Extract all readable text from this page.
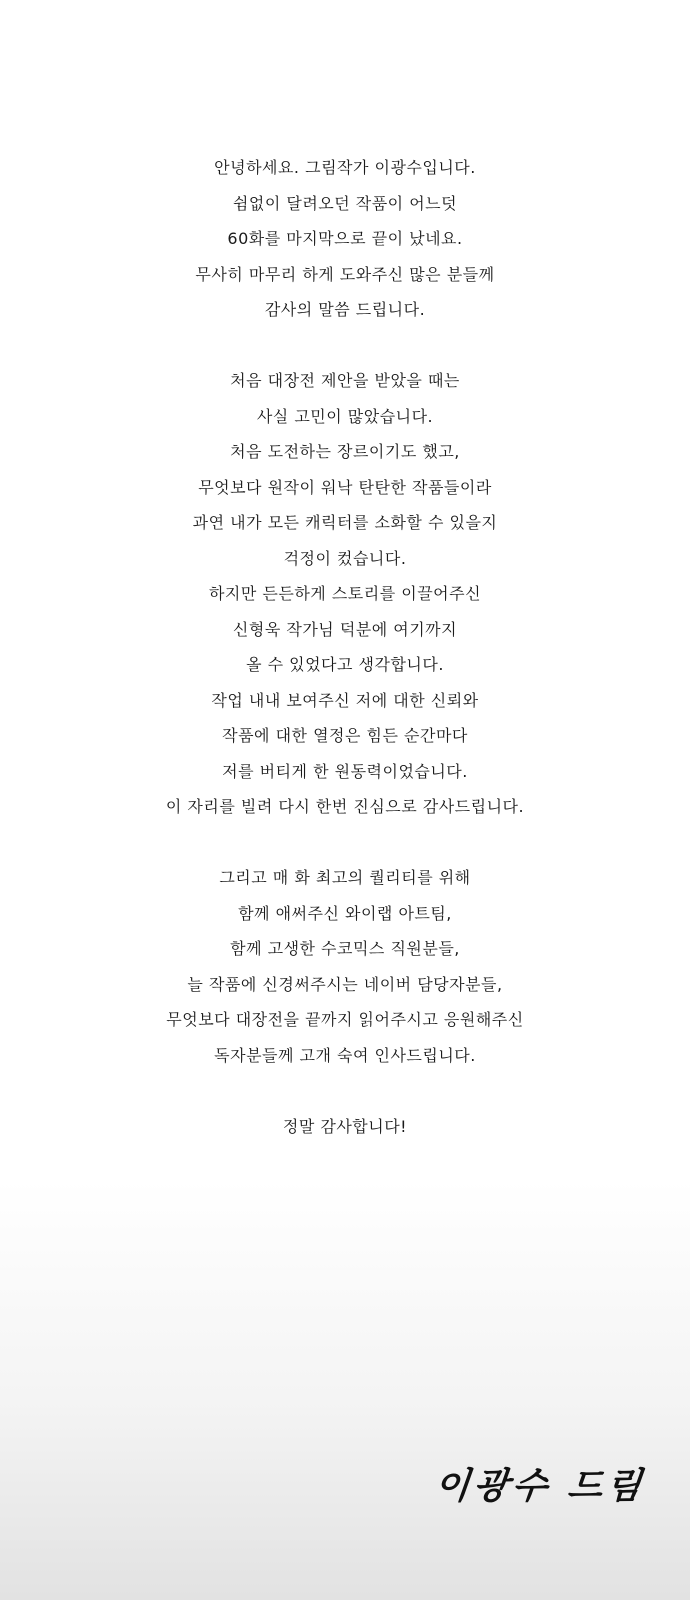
안녕하세요. 그림작가 이광수입니다.
쉼없이 달려오던 작품이 어느덧
60화를 마지막으로 끝이 났네요.
무사히 마무리 하게 도와주신 많은 분들께
감사의 말씀 드립니다.
처음 대장전 제안을 받았을 때는
사실 고민이 많았습니다.
처음 도전하는 장르이기도 했고,
무엇보다 원작이 워낙 탄탄한 작품들이라
과연 내가 모든 캐릭터를 소화할 수 있을지
걱정이 컸습니다.
하지만 든든하게 스토리를 이끌어주신
신형욱 작가님 덕분에 여기까지
올 수 있었다고 생각합니다.
작업 내내 보여주신 저에 대한 신뢰와
작품에 대한 열정은 힘든 순간마다
저를 버티게 한 원동력이었습니다.
이 자리를 빌려 다시 한번 진심으로 감사드립니다.
그리고 매 화 최고의 퀄리티를 위해
함께 애써주신 와이랩 아트팀,
함께 고생한 수코믹스 직원분들,
늘 작품에 신경써주시는 네이버 담당자분들,
무엇보다 대장전을 끝까지 읽어주시고 응원해주신
독자분들께 고개 숙여 인사드립니다.
정말 감사합니다!
이광수 드림
